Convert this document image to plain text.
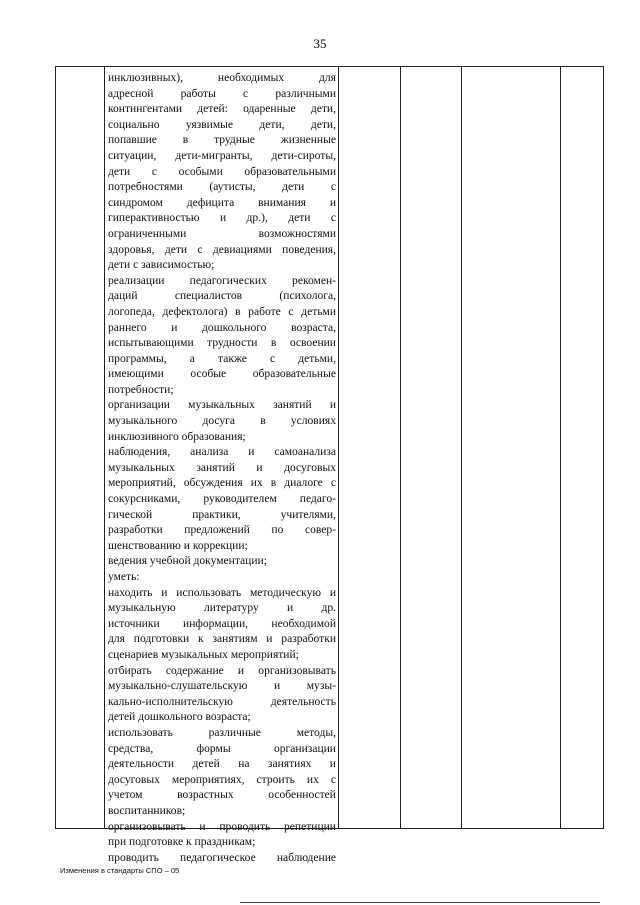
35
инклюзивных), необходимых для
адресной работы с различными
контингентами детей: одаренные дети,
социально уязвимые дети, дети,
попавшие в трудные жизненные
ситуации, дети-мигранты, дети-сироты,
дети с особыми образовательными
потребностями (аутисты, дети с
синдромом дефицита внимания и
гиперактивностью и др.), дети с
ограниченными возможностями
здоровья, дети с девиациями поведения,
дети с зависимостью;
реализации педагогических рекомен-
даций специалистов (психолога,
логопеда, дефектолога) в работе с детьми
раннего и дошкольного возраста,
испытывающими трудности в освоении
программы, а также с детьми,
имеющими особые образовательные
потребности;
организации музыкальных занятий и
музыкального досуга в условиях
инклюзивного образования;
наблюдения, анализа и самоанализа
музыкальных занятий и досуговых
мероприятий, обсуждения их в диалоге с
сокурсниками, руководителем педаго-
гической практики, учителями,
разработки предложений по совер-
шенствованию и коррекции;
ведения учебной документации;
уметь:
находить и использовать методическую и
музыкальную литературу и др.
источники информации, необходимой
для подготовки к занятиям и разработки
сценариев музыкальных мероприятий;
отбирать содержание и организовывать
музыкально-слушательскую и музы-
кально-исполнительскую деятельность
детей дошкольного возраста;
использовать различные методы,
средства, формы организации
деятельности детей на занятиях и
досуговых мероприятиях, строить их с
учетом возрастных особенностей
воспитанников;
организовывать и проводить репетиции
при подготовке к праздникам;
проводить педагогическое наблюдение
Изменения в стандарты СПО – 05
